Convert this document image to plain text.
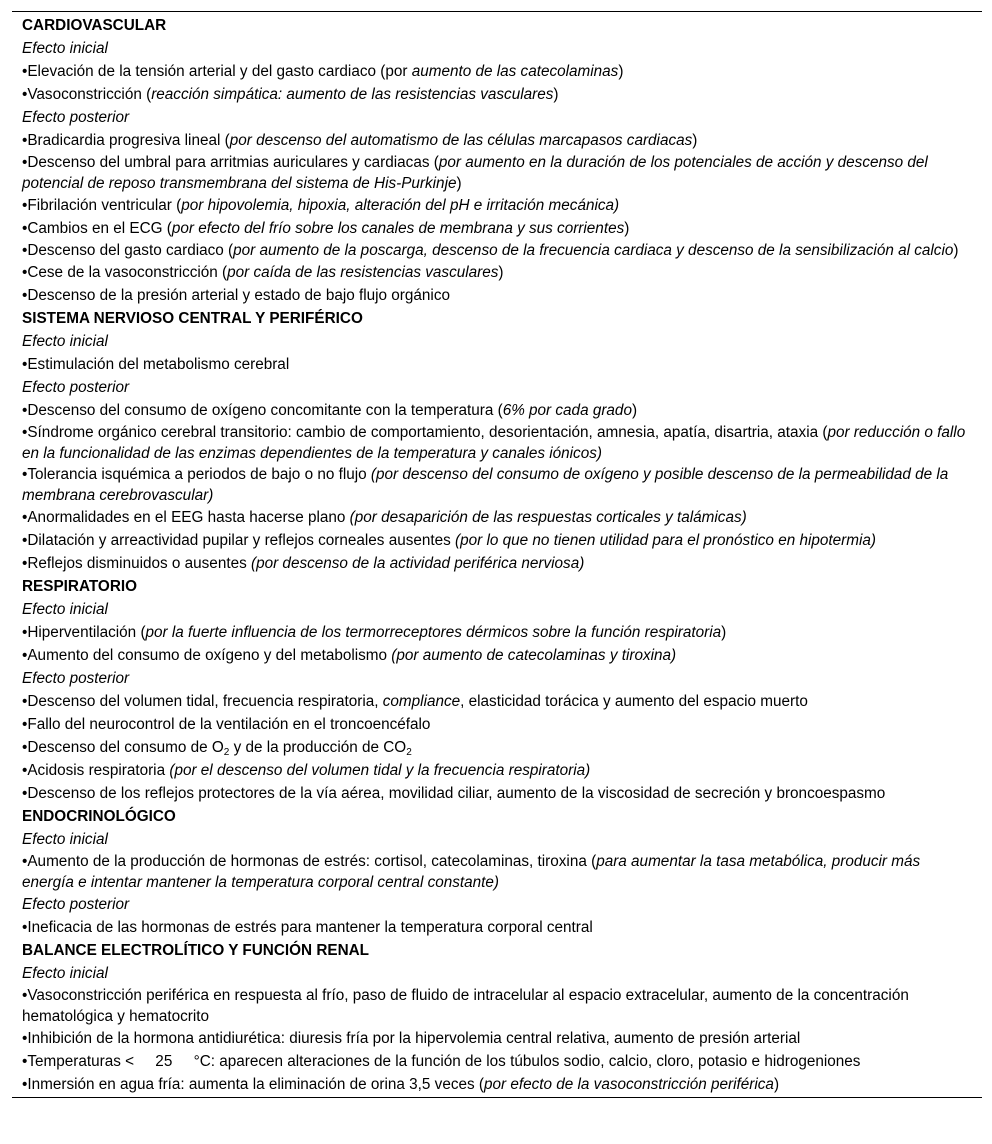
CARDIOVASCULAR
Efecto inicial
•Elevación de la tensión arterial y del gasto cardiaco (por aumento de las catecolaminas)
•Vasoconstricción (reacción simpática: aumento de las resistencias vasculares)
Efecto posterior
•Bradicardia progresiva lineal (por descenso del automatismo de las células marcapasos cardiacas)
•Descenso del umbral para arritmias auriculares y cardiacas (por aumento en la duración de los potenciales de acción y descenso del potencial de reposo transmembrana del sistema de His-Purkinje)
•Fibrilación ventricular (por hipovolemia, hipoxia, alteración del pH e irritación mecánica)
•Cambios en el ECG (por efecto del frío sobre los canales de membrana y sus corrientes)
•Descenso del gasto cardiaco (por aumento de la poscarga, descenso de la frecuencia cardiaca y descenso de la sensibilización al calcio)
•Cese de la vasoconstricción (por caída de las resistencias vasculares)
•Descenso de la presión arterial y estado de bajo flujo orgánico
SISTEMA NERVIOSO CENTRAL Y PERIFÉRICO
Efecto inicial
•Estimulación del metabolismo cerebral
Efecto posterior
•Descenso del consumo de oxígeno concomitante con la temperatura (6% por cada grado)
•Síndrome orgánico cerebral transitorio: cambio de comportamiento, desorientación, amnesia, apatía, disartria, ataxia (por reducción o fallo en la funcionalidad de las enzimas dependientes de la temperatura y canales iónicos)
•Tolerancia isquémica a periodos de bajo o no flujo (por descenso del consumo de oxígeno y posible descenso de la permeabilidad de la membrana cerebrovascular)
•Anormalidades en el EEG hasta hacerse plano (por desaparición de las respuestas corticales y talámicas)
•Dilatación y arreactividad pupilar y reflejos corneales ausentes (por lo que no tienen utilidad para el pronóstico en hipotermia)
•Reflejos disminuidos o ausentes (por descenso de la actividad periférica nerviosa)
RESPIRATORIO
Efecto inicial
•Hiperventilación (por la fuerte influencia de los termorreceptores dérmicos sobre la función respiratoria)
•Aumento del consumo de oxígeno y del metabolismo (por aumento de catecolaminas y tiroxina)
Efecto posterior
•Descenso del volumen tidal, frecuencia respiratoria, compliance, elasticidad torácica y aumento del espacio muerto
•Fallo del neurocontrol de la ventilación en el troncoencéfalo
•Descenso del consumo de $O_2$ y de la producción de $CO_2$
•Acidosis respiratoria (por el descenso del volumen tidal y la frecuencia respiratoria)
•Descenso de los reflejos protectores de la vía aérea, movilidad ciliar, aumento de la viscosidad de secreción y broncoespasmo
ENDOCRINOLÓGICO
Efecto inicial
•Aumento de la producción de hormonas de estrés: cortisol, catecolaminas, tiroxina (para aumentar la tasa metabólica, producir más energía e intentar mantener la temperatura corporal central constante)
Efecto posterior
•Ineficacia de las hormonas de estrés para mantener la temperatura corporal central
BALANCE ELECTROLÍTICO Y FUNCIÓN RENAL
Efecto inicial
•Vasoconstricción periférica en respuesta al frío, paso de fluido de intracelular al espacio extracelular, aumento de la concentración hematológica y hematocrito
•Inhibición de la hormona antidiurética: diuresis fría por la hipervolemia central relativa, aumento de presión arterial
•Temperaturas <     25     °C: aparecen alteraciones de la función de los túbulos sodio, calcio, cloro, potasio e hidrogeniones
•Inmersión en agua fría: aumenta la eliminación de orina 3,5 veces (por efecto de la vasoconstricción periférica)
